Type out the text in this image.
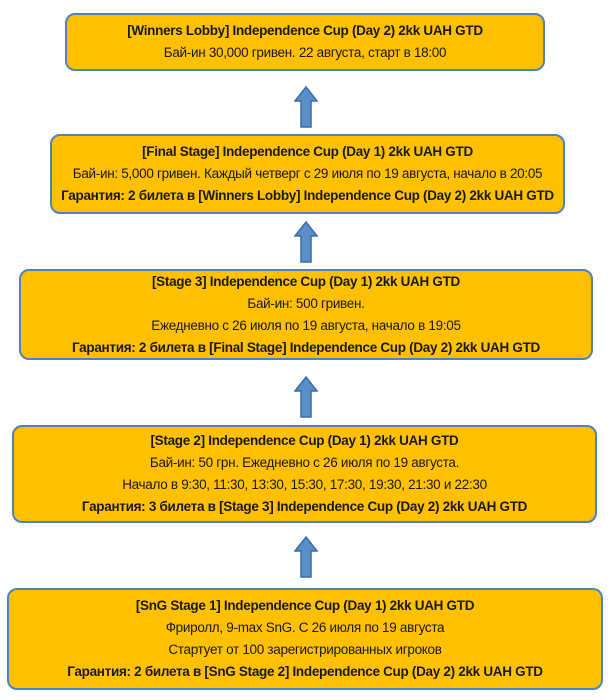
[Winners Lobby] Independence Cup (Day 2) 2kk UAH GTD
Бай-ин 30,000 гривен. 22 августа, старт в 18:00
[Final Stage] Independence Cup (Day 1) 2kk UAH GTD
Бай-ин: 5,000 гривен. Каждый четверг с 29 июля по 19 августа, начало в 20:05
Гарантия: 2 билета в [Winners Lobby] Independence Cup (Day 2) 2kk UAH GTD
[Stage 3] Independence Cup (Day 1) 2kk UAH GTD
Бай-ин: 500 гривен.
Ежедневно с 26 июля по 19 августа, начало в 19:05
Гарантия: 2 билета в [Final Stage] Independence Cup (Day 2) 2kk UAH GTD
[Stage 2] Independence Cup (Day 1) 2kk UAH GTD
Бай-ин: 50 грн. Ежедневно с 26 июля по 19 августа.
Начало в 9:30, 11:30, 13:30, 15:30, 17:30, 19:30, 21:30 и 22:30
Гарантия: 3 билета в [Stage 3] Independence Cup (Day 2) 2kk UAH GTD
[SnG Stage 1] Independence Cup (Day 1) 2kk UAH GTD
Фриролл, 9-max SnG. С 26 июля по 19 августа
Стартует от 100 зарегистрированных игроков
Гарантия: 2 билета в [SnG Stage 2] Independence Cup (Day 2) 2kk UAH GTD
